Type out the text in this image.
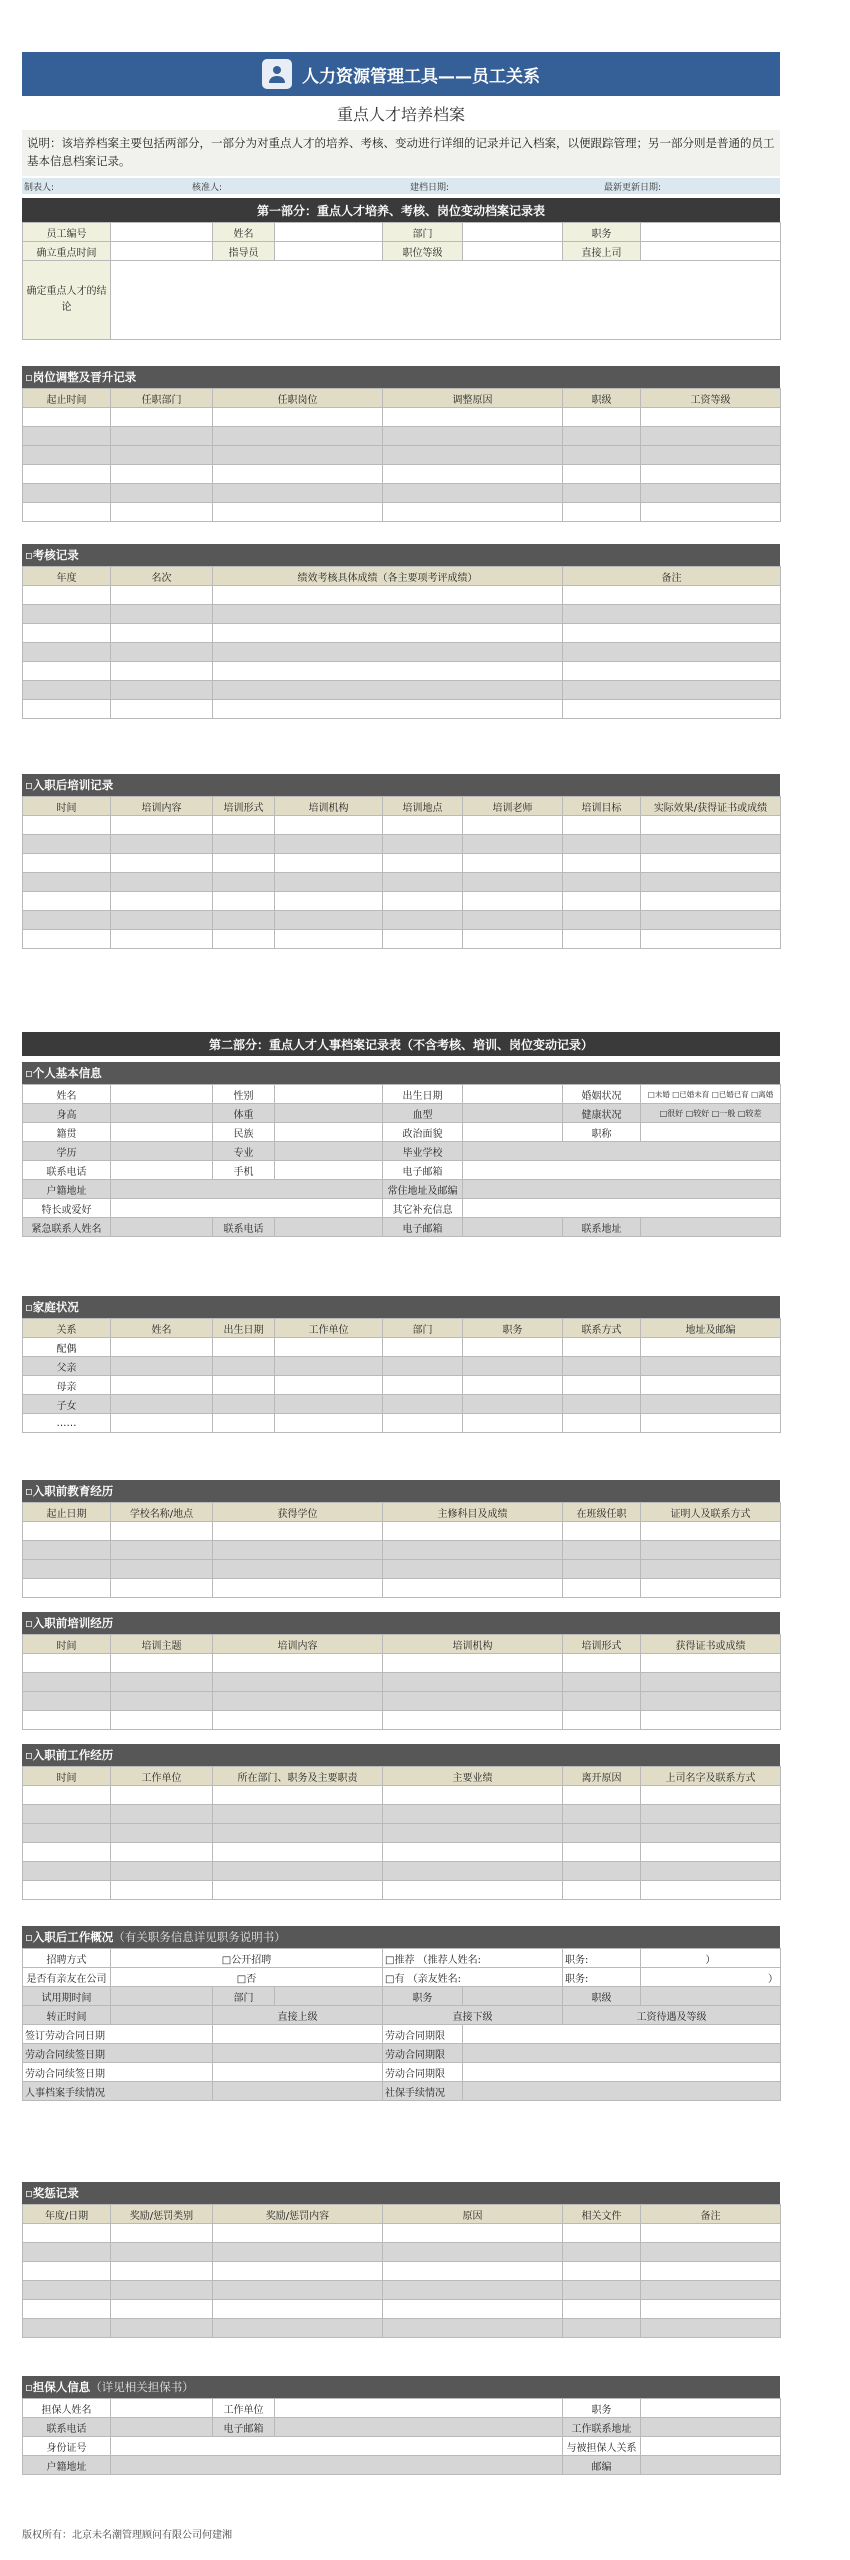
人力资源管理工具——员工关系
重点人才培养档案
说明：该培养档案主要包括两部分，一部分为对重点人才的培养、考核、变动进行详细的记录并记入档案，以便跟踪管理；另一部分则是普通的员工基本信息档案记录。
制表人:	核准人:	建档日期:	最新更新日期:
第一部分：重点人才培养、考核、岗位变动档案记录表
员工编号		姓名		部门		职务	
确立重点时间		指导员		职位等级		直接上司	
确定重点人才的结论							
▫ 岗位调整及晋升记录
起止时间	任职部门	任职岗位	调整原因	职级	工资等级

▫ 考核记录
年度	名次	绩效考核具体成绩（各主要项考评成绩）	备注

▫ 入职后培训记录
时间	培训内容	培训形式	培训机构	培训地点	培训老师	培训目标	实际效果/获得证书或成绩

第二部分：重点人才人事档案记录表（不含考核、培训、岗位变动记录）
▫ 个人基本信息
姓名		性别		出生日期		婚姻状况	□未婚 □已婚未育 □已婚已育 □离婚
身高		体重		血型		健康状况	□很好 □较好 □一般 □较差
籍贯		民族		政治面貌		职称	
学历		专业		毕业学校			
联系电话		手机		电子邮箱			
户籍地址				常住地址及邮编			
特长或爱好				其它补充信息			
紧急联系人姓名		联系电话		电子邮箱		联系地址	
▫ 家庭状况
关系	姓名	出生日期	工作单位	部门	职务	联系方式	地址及邮编
配偶							
父亲							
母亲							
子女							
……							
▫ 入职前教育经历
起止日期	学校名称/地点	获得学位	主修科目及成绩	在班级任职	证明人及联系方式

▫ 入职前培训经历
时间	培训主题	培训内容	培训机构	培训形式	获得证书或成绩

▫ 入职前工作经历
时间	工作单位	所在部门、职务及主要职责	主要业绩	离开原因	上司名字及联系方式

▫ 入职后工作概况 （有关职务信息详见职务说明书）
招聘方式	□公开招聘			□推荐 （推荐人姓名:		职务:	）
是否有亲友在公司	□否			□有 （亲友姓名:		职务:	）
试用期时间		部门		职务		职级	
转正时间		直接上级		直接下级		工资待遇及等级	
签订劳动合同日期				劳动合同期限			
劳动合同续签日期				劳动合同期限			
劳动合同续签日期				劳动合同期限			
人事档案手续情况				社保手续情况			
▫ 奖惩记录
年度/日期	奖励/惩罚类别	奖励/惩罚内容	原因	相关文件	备注

▫ 担保人信息 （详见相关担保书）
担保人姓名		工作单位		职务	
联系电话		电子邮箱		工作联系地址	
身份证号				与被担保人关系	
户籍地址				邮编	
版权所有：北京未名潮管理顾问有限公司何建湘
